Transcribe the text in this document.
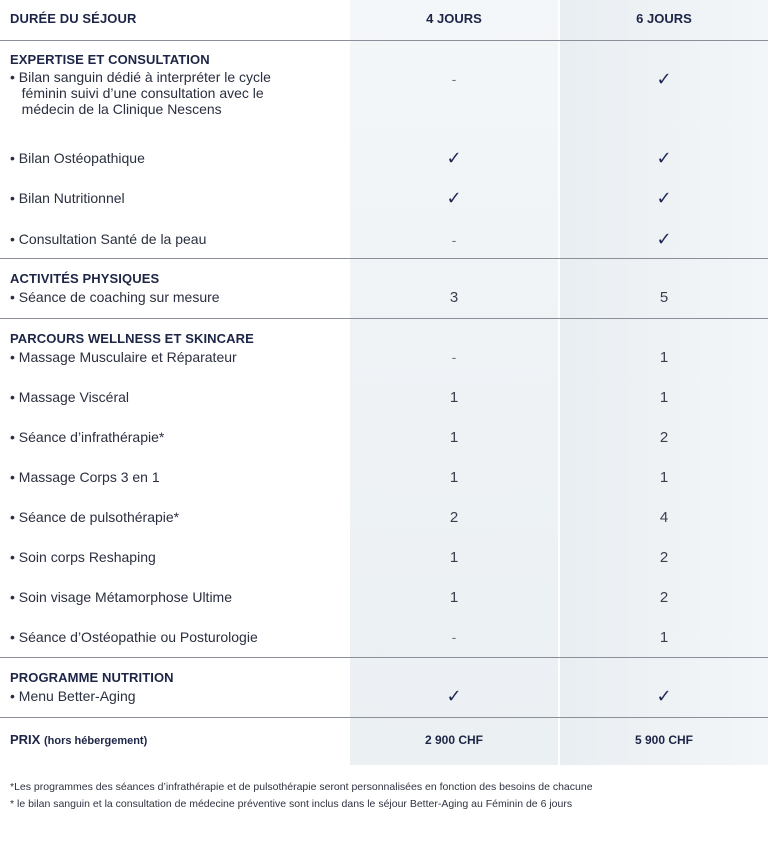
DURÉE DU SÉJOUR	4 JOURS	6 JOURS
EXPERTISE ET CONSULTATION
• Bilan sanguin dédié à interpréter le cycle
féminin suivi d’une consultation avec le
médecin de la Clinique Nescens
-	✓
• Bilan Ostéopathique	✓	✓
• Bilan Nutritionnel	✓	✓
• Consultation Santé de la peau	-	✓
ACTIVITÉS PHYSIQUES
• Séance de coaching sur mesure	3	5
PARCOURS WELLNESS ET SKINCARE
• Massage Musculaire et Réparateur	-	1
• Massage Viscéral	1	1
• Séance d’infrathérapie*	1	2
• Massage Corps 3 en 1	1	1
• Séance de pulsothérapie*	2	4
• Soin corps Reshaping	1	2
• Soin visage Métamorphose Ultime	1	2
• Séance d’Ostéopathie ou Posturologie	-	1
PROGRAMME NUTRITION
• Menu Better-Aging	✓	✓
PRIX (hors hébergement)	2 900 CHF	5 900 CHF
*Les programmes des séances d’infrathérapie et de pulsothérapie seront personnalisées en fonction des besoins de chacune
* le bilan sanguin et la consultation de médecine préventive sont inclus dans le séjour Better-Aging au Féminin de 6 jours
